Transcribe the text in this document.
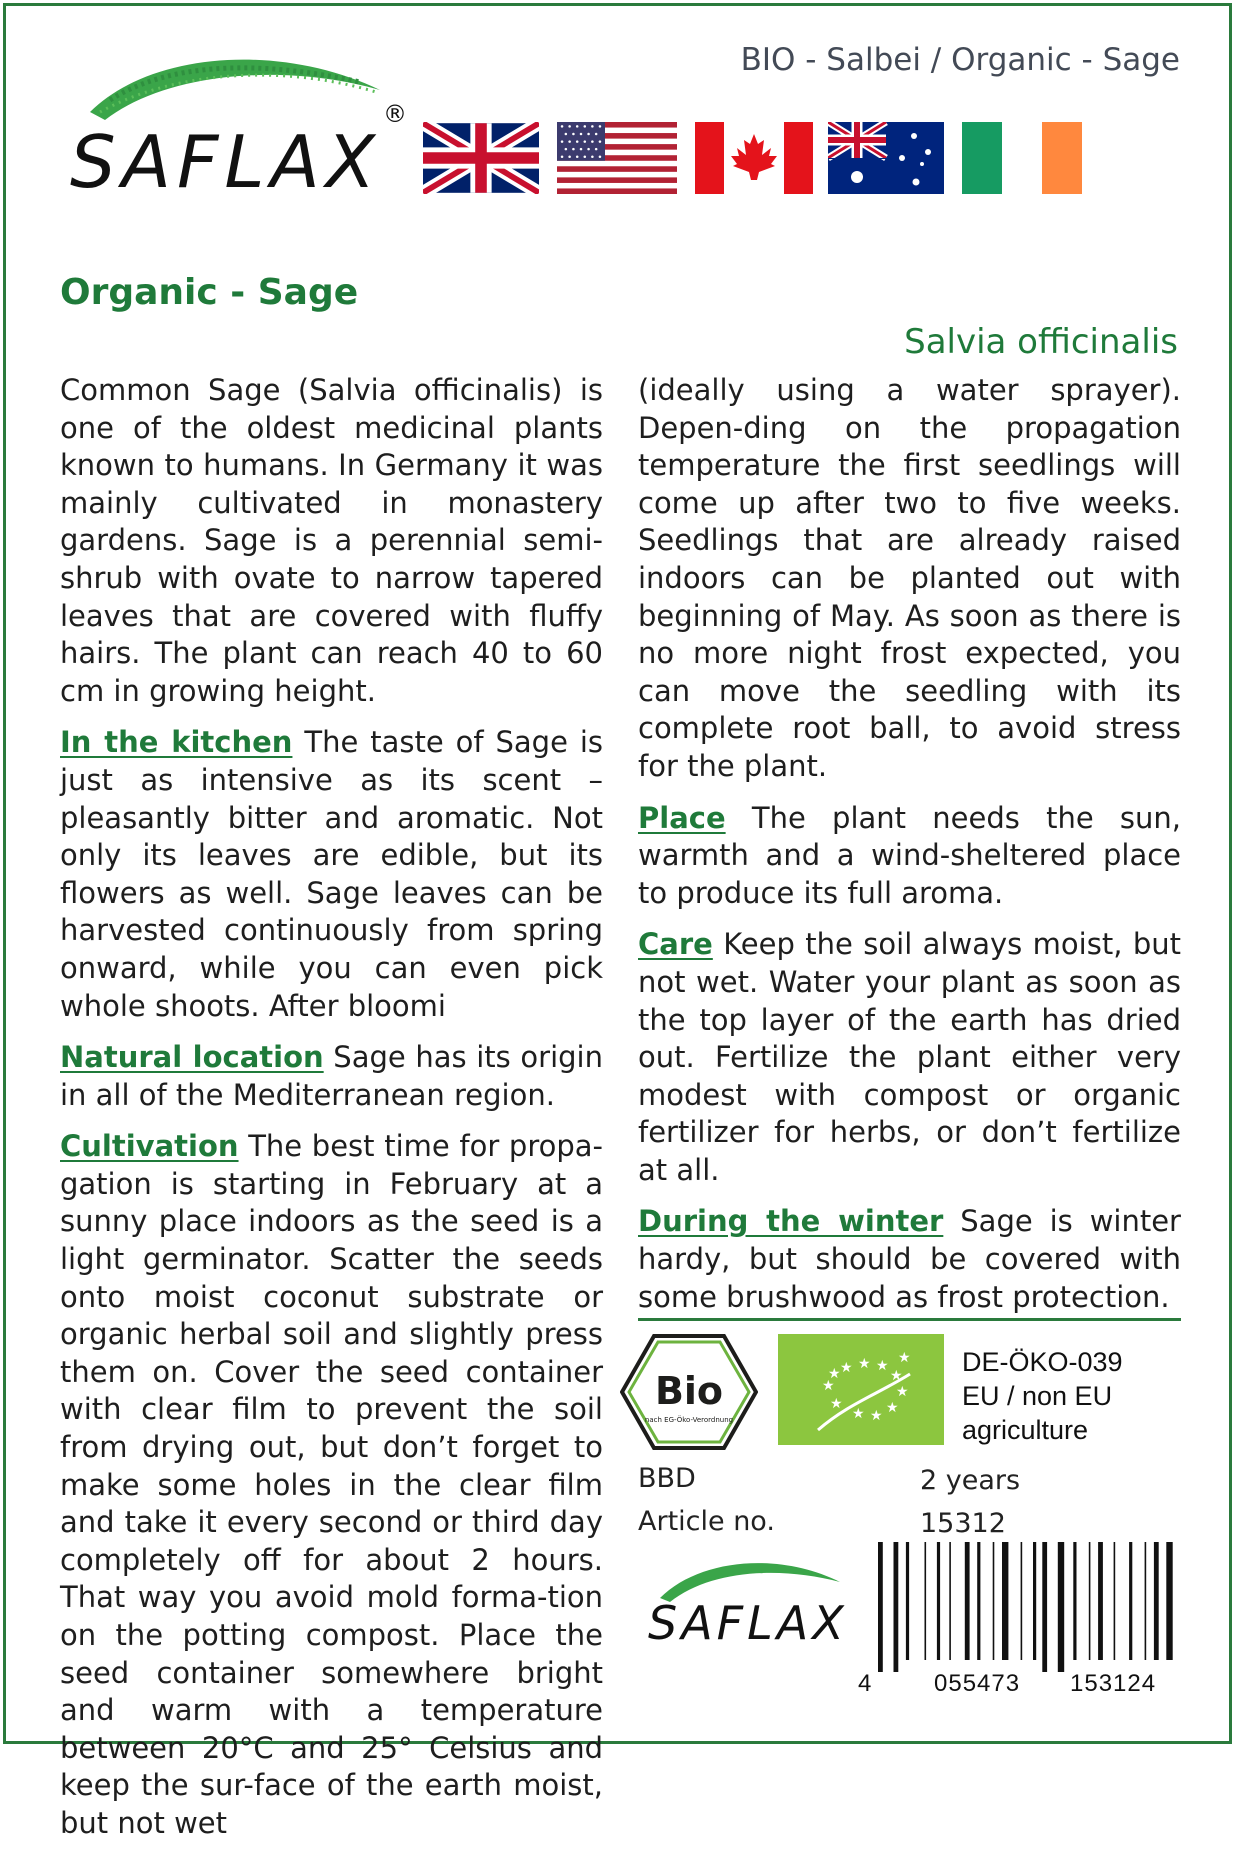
BIO - Salbei / Organic - Sage
SAFLAX
®
Organic - Sage
Salvia officinalis

Common Sage (Salvia officinalis) is one of the oldest medicinal plants known to humans. In Germany it was mainly cultivated in monastery gardens. Sage is a perennial semi-shrub with ovate to narrow tapered leaves that are covered with fluffy hairs. The plant can reach 40 to 60 cm in growing height.

In the kitchen The taste of Sage is just as intensive as its scent – pleasantly bitter and aromatic. Not only its leaves are edible, but its flowers as well. Sage leaves can be harvested continuously from spring onward, while you can even pick whole shoots. After bloomi

Natural location Sage has its origin in all of the Mediterranean region.

Cultivation The best time for propa-gation is starting in February at a sunny place indoors as the seed is a light germinator. Scatter the seeds onto moist coconut substrate or organic herbal soil and slightly press them on. Cover the seed container with clear film to prevent the soil from drying out, but don’t forget to make some holes in the clear film and take it every second or third day completely off for about 2 hours. That way you avoid mold forma-tion on the potting compost. Place the seed container somewhere bright and warm with a temperature between 20°C and 25° Celsius and keep the sur-face of the earth moist, but not wet

(ideally using a water sprayer). Depen-ding on the propagation temperature the first seedlings will come up after two to five weeks. Seedlings that are already raised indoors can be planted out with beginning of May. As soon as there is no more night frost expected, you can move the seedling with its complete root ball, to avoid stress for the plant.

Place The plant needs the sun, warmth and a wind-sheltered place to produce its full aroma.

Care Keep the soil always moist, but not wet. Water your plant as soon as the top layer of the earth has dried out. Fertilize the plant either very modest with compost or organic fertilizer for herbs, or don’t fertilize at all.

During the winter Sage is winter hardy, but should be covered with some brushwood as frost protection.

Bio
nach EG-Öko-Verordnung
★ ★ ★
★
★
★
★
★
★
★
★
★ DE-ÖKO-039
EU / non EU
agriculture
BBD	2 years
Article no.	15312
SAFLAX
4	055473 153124
